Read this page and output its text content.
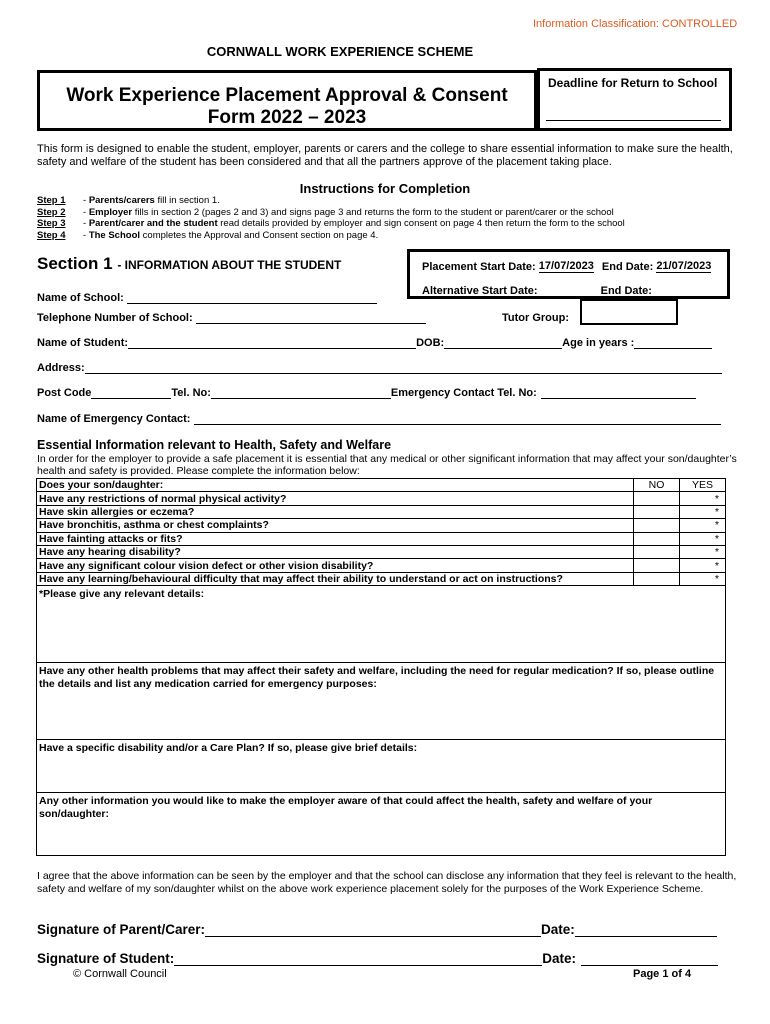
Information Classification: CONTROLLED
CORNWALL WORK EXPERIENCE SCHEME
Work Experience Placement Approval & Consent
Form 2022 – 2023
Deadline for Return to School
This form is designed to enable the student, employer, parents or carers and the college to share essential information to make sure the health, safety and welfare of the student has been considered and that all the partners approve of the placement taking place.
Instructions for Completion
Step 1	- Parents/carers fill in section 1.
Step 2	- Employer fills in section 2 (pages 2 and 3) and signs page 3 and returns the form to the student or parent/carer or the school
Step 3	- Parent/carer and the student read details provided by employer and sign consent on page 4 then return the form to the school
Step 4	- The School completes the Approval and Consent section on page 4.
Section 1 - INFORMATION ABOUT THE STUDENT	Placement Start Date: 17/07/2023 End Date: 21/07/2023
Alternative Start Date:	End Date:
Name of School:
Telephone Number of School:	Tutor Group:
Name of Student:	DOB:	Age in years :
Address:
Post Code	Tel. No:	Emergency Contact Tel. No:
Name of Emergency Contact:
Essential Information relevant to Health, Safety and Welfare
In order for the employer to provide a safe placement it is essential that any medical or other significant information that may affect your son/daughter’s health and safety is provided. Please complete the information below:
Does your son/daughter:	NO	YES
Have any restrictions of normal physical activity?		*
Have skin allergies or eczema?		*
Have bronchitis, asthma or chest complaints?		*
Have fainting attacks or fits?		*
Have any hearing disability?		*
Have any significant colour vision defect or other vision disability?		*
Have any learning/behavioural difficulty that may affect their ability to understand or act on instructions?		*
*Please give any relevant details:
Have any other health problems that may affect their safety and welfare, including the need for regular medication? If so, please outline the details and list any medication carried for emergency purposes:
Have a specific disability and/or a Care Plan? If so, please give brief details:
Any other information you would like to make the employer aware of that could affect the health, safety and welfare of your son/daughter:
I agree that the above information can be seen by the employer and that the school can disclose any information that they feel is relevant to the health, safety and welfare of my son/daughter whilst on the above work experience placement solely for the purposes of the Work Experience Scheme.
Signature of Parent/Carer:	Date:
Signature of Student:	Date:
© Cornwall Council	Page 1 of 4
